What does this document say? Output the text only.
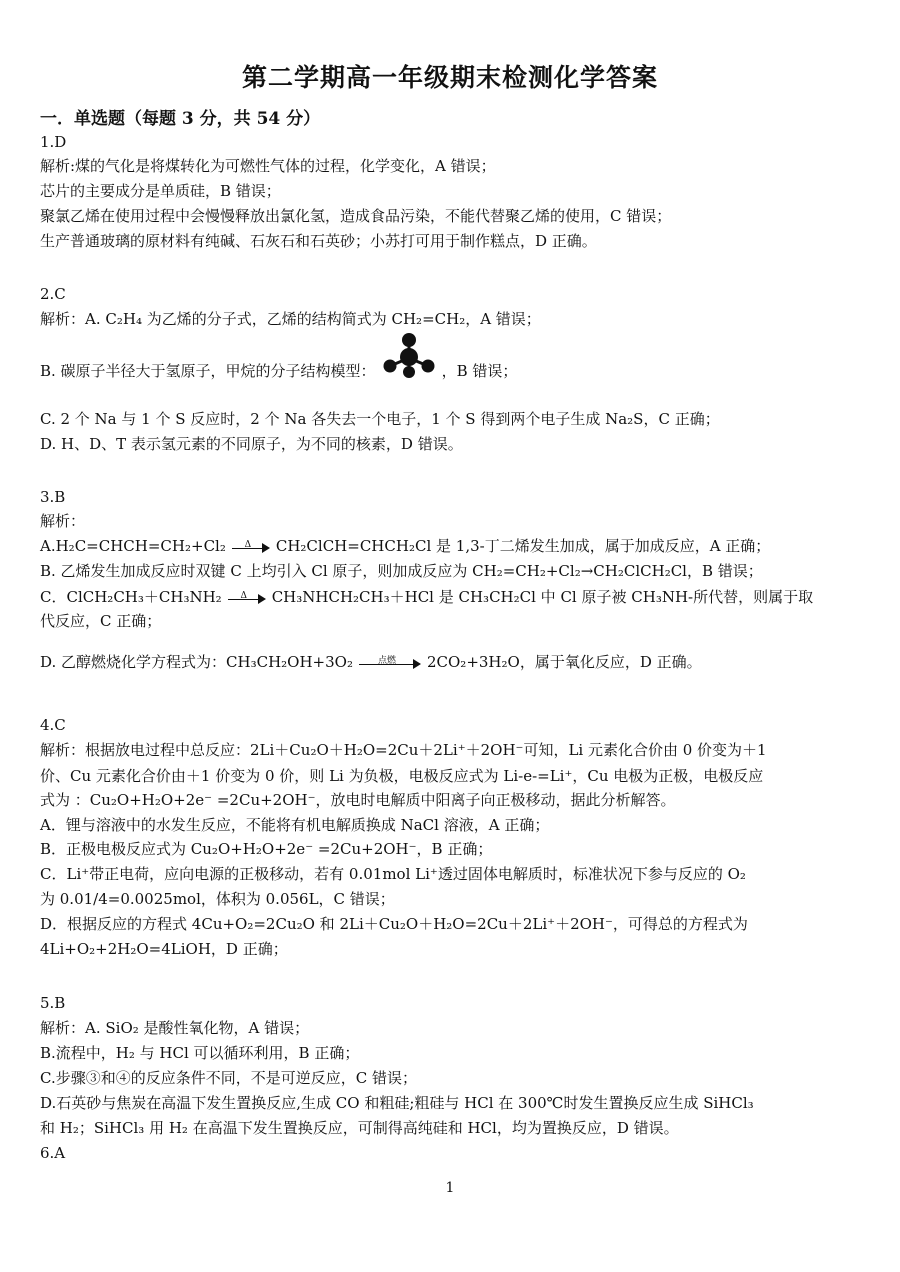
第二学期高一年级期末检测化学答案
一．单选题（每题 3 分，共 54 分）
1.D
解析:煤的气化是将煤转化为可燃性气体的过程，化学变化，A 错误；
芯片的主要成分是单质硅，B 错误；
聚氯乙烯在使用过程中会慢慢释放出氯化氢，造成食品污染，不能代替聚乙烯的使用，C 错误；
生产普通玻璃的原材料有纯碱、石灰石和石英砂；小苏打可用于制作糕点，D 正确。
2.C
解析：A. C₂H₄ 为乙烯的分子式，乙烯的结构简式为 CH₂=CH₂，A 错误；
B. 碳原子半径大于氢原子，甲烷的分子结构模型：	，B 错误；
C. 2 个 Na 与 1 个 S 反应时，2 个 Na 各失去一个电子，1 个 S 得到两个电子生成 Na₂S，C 正确；
D. H、D、T 表示氢元素的不同原子，为不同的核素，D 错误。
3.B
解析：
A.H₂C=CHCH=CH₂+Cl₂	Δ	CH₂ClCH=CHCH₂Cl 是 1,3-丁二烯发生加成，属于加成反应，A 正确；
B. 乙烯发生加成反应时双键 C 上均引入 Cl 原子，则加成反应为 CH₂=CH₂+Cl₂→CH₂ClCH₂Cl，B 错误；
C．ClCH₂CH₃＋CH₃NH₂	Δ	CH₃NHCH₂CH₃＋HCl 是 CH₃CH₂Cl 中 Cl 原子被 CH₃NH-所代替，则属于取
代反应，C 正确；
D. 乙醇燃烧化学方程式为：CH₃CH₂OH+3O₂	点燃	2CO₂+3H₂O，属于氧化反应，D 正确。
4.C
解析：根据放电过程中总反应：2Li＋Cu₂O＋H₂O=2Cu＋2Li⁺＋2OH⁻可知，Li 元素化合价由 0 价变为＋1
价、Cu 元素化合价由＋1 价变为 0 价，则 Li 为负极，电极反应式为 Li-e-=Li⁺，Cu 电极为正极，电极反应
式为 ：Cu₂O+H₂O+2e⁻ =2Cu+2OH⁻，放电时电解质中阳离子向正极移动，据此分析解答。
A．锂与溶液中的水发生反应，不能将有机电解质换成 NaCl 溶液，A 正确；
B．正极电极反应式为 Cu₂O+H₂O+2e⁻ =2Cu+2OH⁻，B 正确；
C．Li⁺带正电荷，应向电源的正极移动，若有 0.01mol Li⁺透过固体电解质时，标准状况下参与反应的 O₂
为 0.01/4=0.0025mol，体积为 0.056L，C 错误；
D．根据反应的方程式 4Cu+O₂=2Cu₂O 和 2Li＋Cu₂O＋H₂O=2Cu＋2Li⁺＋2OH⁻，可得总的方程式为
4Li+O₂+2H₂O=4LiOH，D 正确；
5.B
解析：A. SiO₂ 是酸性氧化物，A 错误；
B.流程中，H₂ 与 HCl 可以循环利用，B 正确；
C.步骤③和④的反应条件不同，不是可逆反应，C 错误；
D.石英砂与焦炭在高温下发生置换反应,生成 CO 和粗硅;粗硅与 HCl 在 300℃时发生置换反应生成 SiHCl₃
和 H₂；SiHCl₃ 用 H₂ 在高温下发生置换反应，可制得高纯硅和 HCl，均为置换反应，D 错误。
6.A
1
